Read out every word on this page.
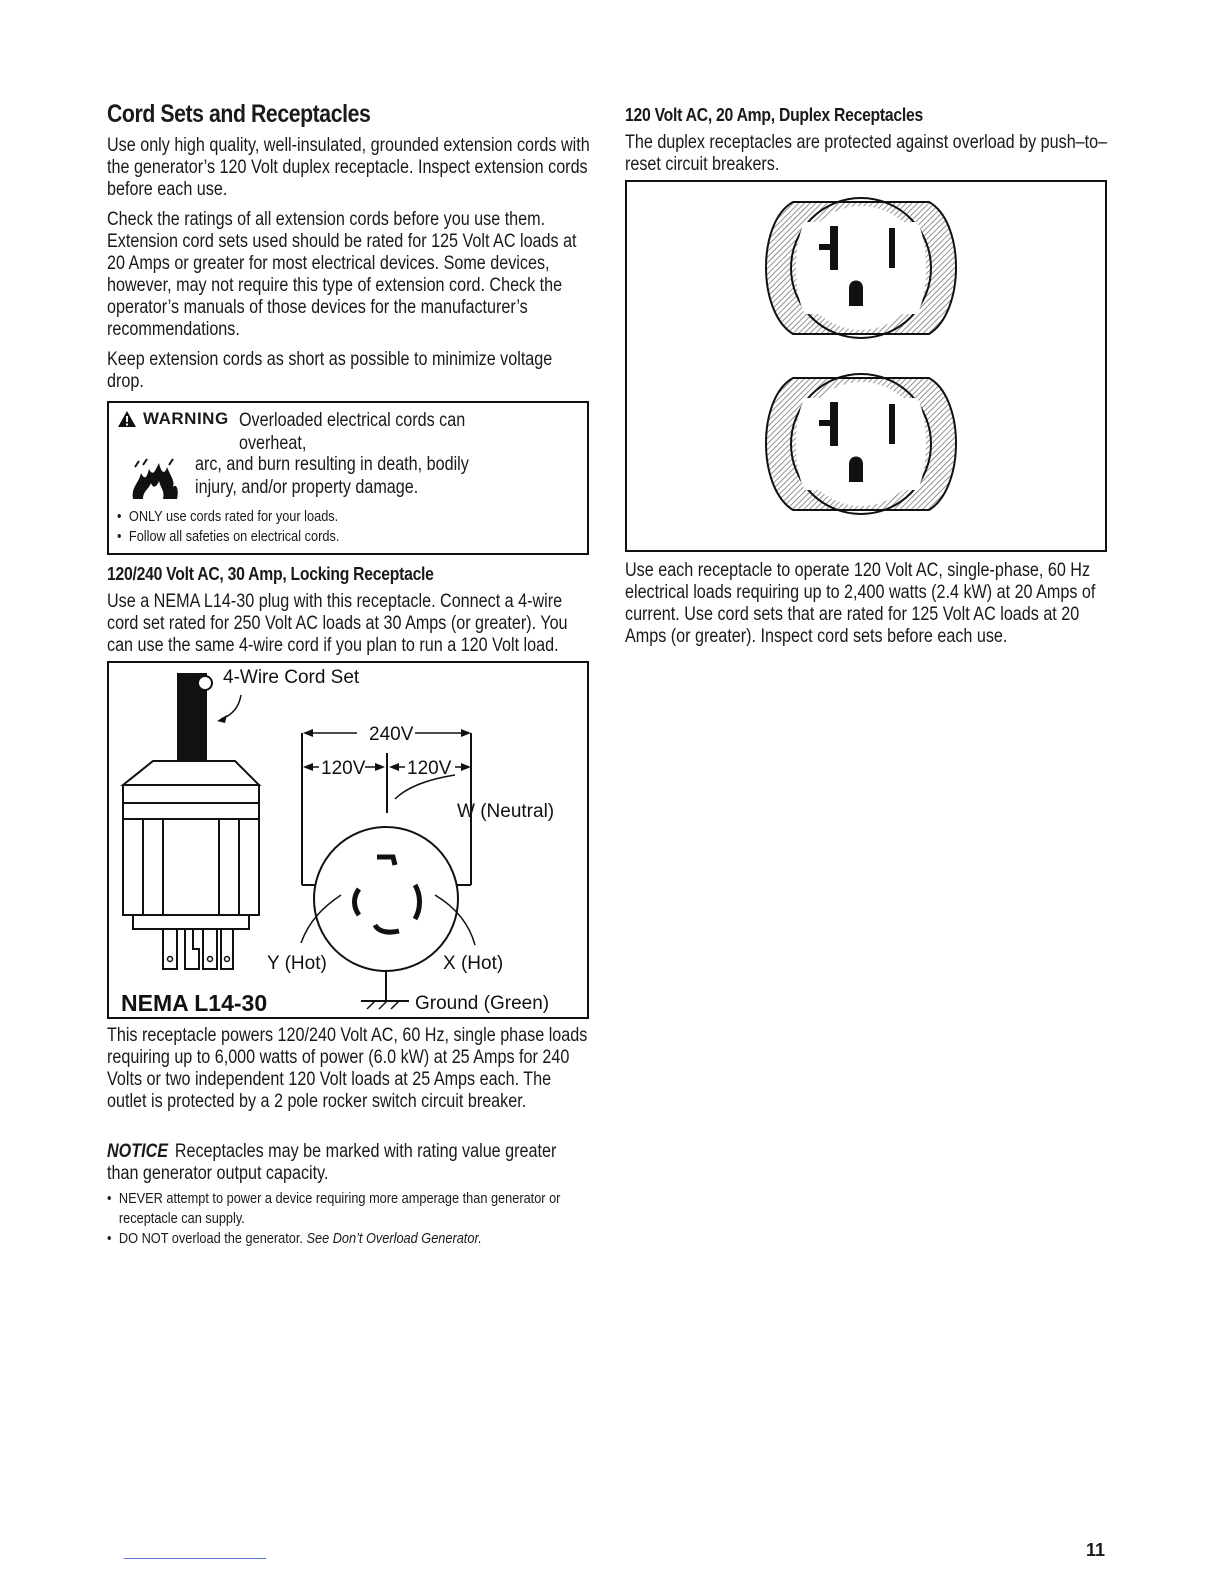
Cord Sets and Receptacles

Use only high quality, well-insulated, grounded extension cords with the generator’s 120 Volt duplex receptacle. Inspect extension cords before each use.

Check the ratings of all extension cords before you use them. Extension cord sets used should be rated for 125 Volt AC loads at 20 Amps or greater for most electrical devices. Some devices, however, may not require this type of extension cord. Check the operator’s manuals of those devices for the manufacturer’s recommendations.

Keep extension cords as short as possible to minimize voltage drop.

WARNING Overloaded electrical cords can overheat,
arc, and burn resulting in death, bodily injury, and/or property damage.
• ONLY use cords rated for your loads.
• Follow all safeties on electrical cords.
120/240 Volt AC, 30 Amp, Locking Receptacle

Use a NEMA L14-30 plug with this receptacle. Connect a 4-wire cord set rated for 250 Volt AC loads at 30 Amps (or greater). You can use the same 4-wire cord if you plan to run a 120 Volt load.

4-Wire Cord Set
NEMA L14-30
240V
120V 120V
W (Neutral)
Y (Hot)	X (Hot)
Ground (Green)

This receptacle powers 120/240 Volt AC, 60 Hz, single phase loads requiring up to 6,000 watts of power (6.0 kW) at 25 Amps for 240 Volts or two independent 120 Volt loads at 25 Amps each. The outlet is protected by a 2 pole rocker switch circuit breaker.

NOTICE Receptacles may be marked with rating value greater than generator output capacity.
• NEVER attempt to power a device requiring more amperage than generator or receptacle can supply.
• DO NOT overload the generator. See Don’t Overload Generator.
120 Volt AC, 20 Amp, Duplex Receptacles

The duplex receptacles are protected against overload by push–to–reset circuit breakers.

Use each receptacle to operate 120 Volt AC, single-phase, 60 Hz electrical loads requiring up to 2,400 watts (2.4 kW) at 20 Amps of current. Use cord sets that are rated for 125 Volt AC loads at 20 Amps (or greater). Inspect cord sets before each use.

11
